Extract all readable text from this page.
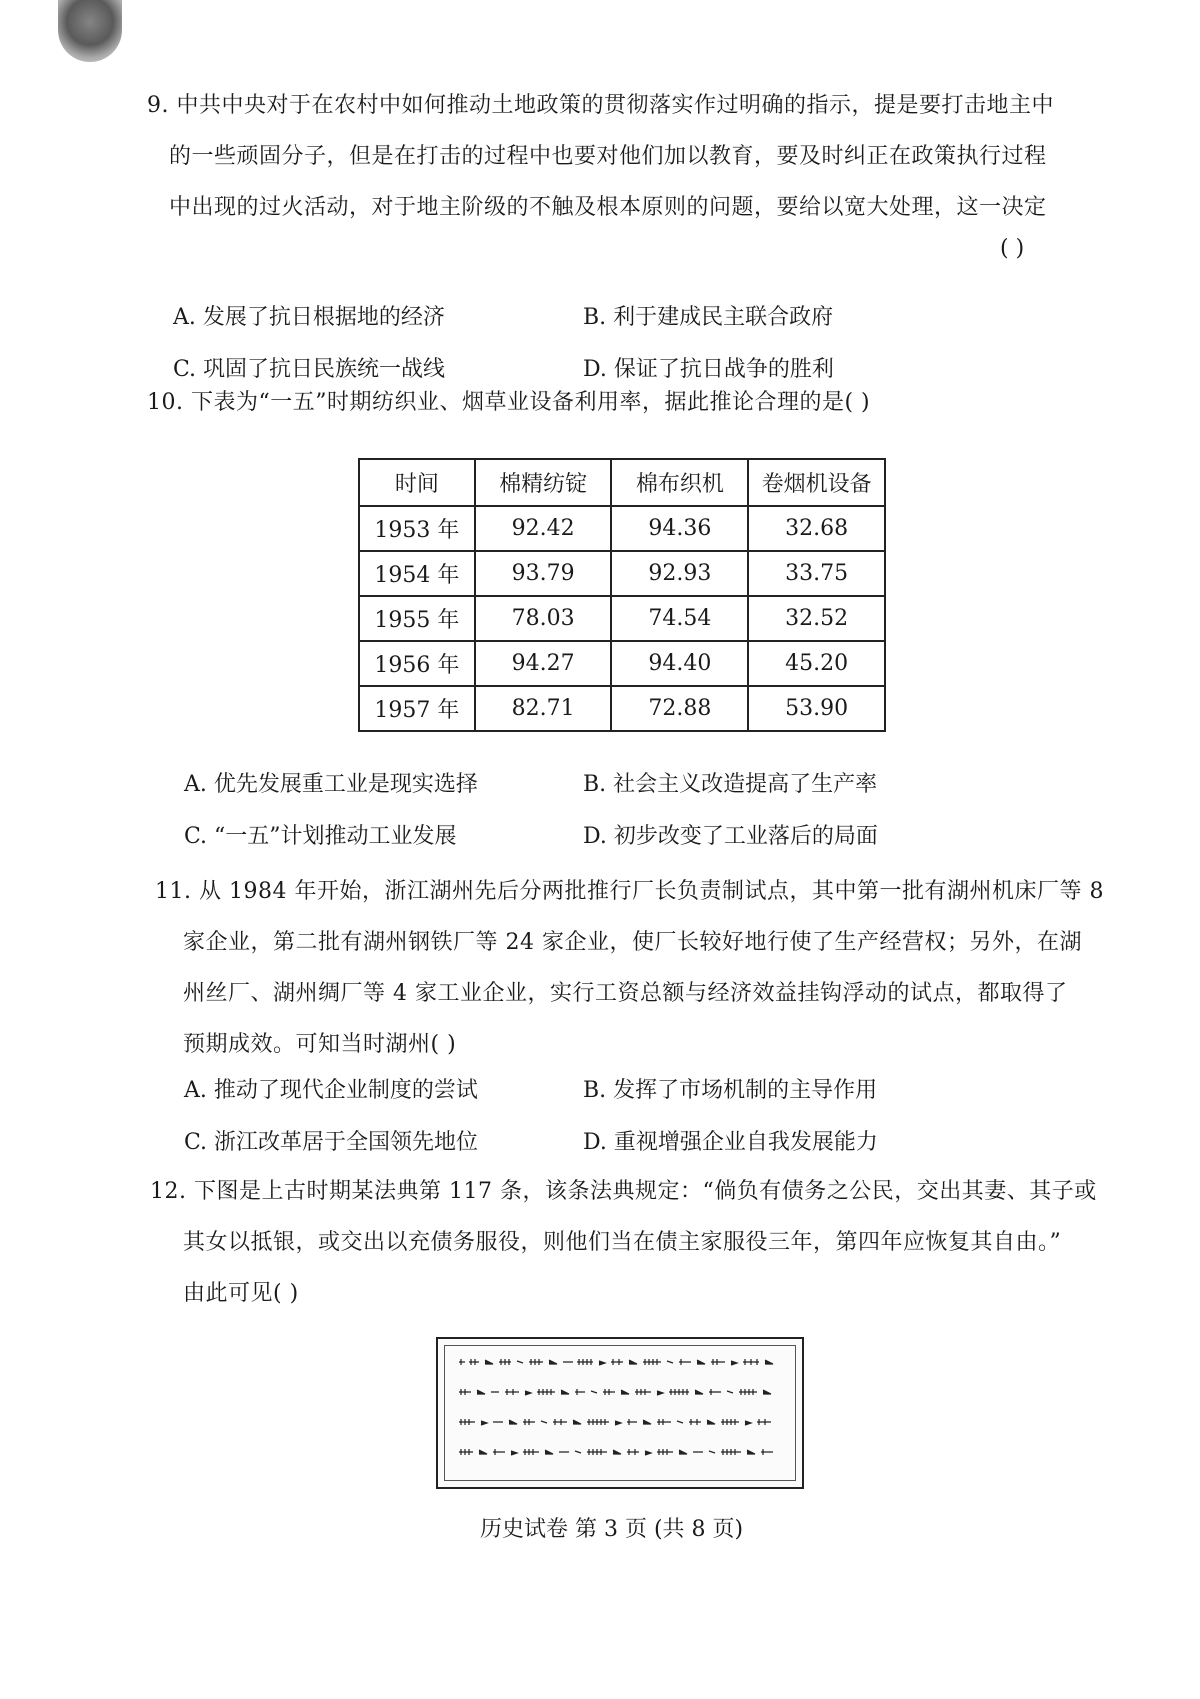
9. 中共中央对于在农村中如何推动土地政策的贯彻落实作过明确的指示，提是要打击地主中
的一些顽固分子，但是在打击的过程中也要对他们加以教育，要及时纠正在政策执行过程
中出现的过火活动，对于地主阶级的不触及根本原则的问题，要给以宽大处理，这一决定
( )
A. 发展了抗日根据地的经济	B. 利于建成民主联合政府
C. 巩固了抗日民族统一战线	D. 保证了抗日战争的胜利
10. 下表为“一五”时期纺织业、烟草业设备利用率，据此推论合理的是( )
时间	棉精纺锭	棉布织机	卷烟机设备
1953 年	92.42	94.36	32.68
1954 年	93.79	92.93	33.75
1955 年	78.03	74.54	32.52
1956 年	94.27	94.40	45.20
1957 年	82.71	72.88	53.90
A. 优先发展重工业是现实选择	B. 社会主义改造提高了生产率
C. “一五”计划推动工业发展	D. 初步改变了工业落后的局面
11. 从 1984 年开始，浙江湖州先后分两批推行厂长负责制试点，其中第一批有湖州机床厂等 8
家企业，第二批有湖州钢铁厂等 24 家企业，使厂长较好地行使了生产经营权；另外，在湖
州丝厂、湖州绸厂等 4 家工业企业，实行工资总额与经济效益挂钩浮动的试点，都取得了
预期成效。可知当时湖州( )
A. 推动了现代企业制度的尝试	B. 发挥了市场机制的主导作用
C. 浙江改革居于全国领先地位	D. 重视增强企业自我发展能力
12. 下图是上古时期某法典第 117 条，该条法典规定：“倘负有债务之公民，交出其妻、其子或
其女以抵银，或交出以充债务服役，则他们当在债主家服役三年，第四年应恢复其自由。”
由此可见( )
历史试卷 第 3 页 (共 8 页)
